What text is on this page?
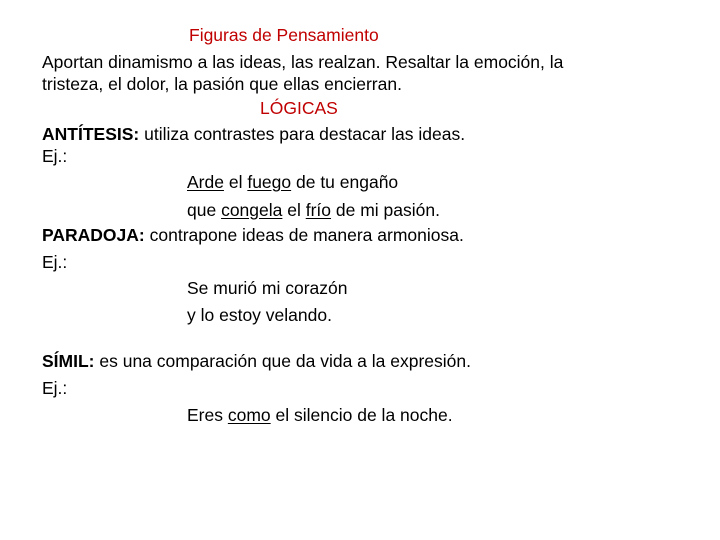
Figuras de Pensamiento
Aportan dinamismo a las ideas, las realzan. Resaltar la emoción, la
tristeza, el dolor, la pasión que ellas encierran.
LÓGICAS
ANTÍTESIS: utiliza contrastes para destacar las ideas.
Ej.:
Arde el fuego de tu engaño
que congela el frío de mi pasión.
PARADOJA: contrapone ideas de manera armoniosa.
Ej.:
Se murió mi corazón
y lo estoy velando.
SÍMIL: es una comparación que da vida a la expresión.
Ej.:
Eres como el silencio de la noche.
